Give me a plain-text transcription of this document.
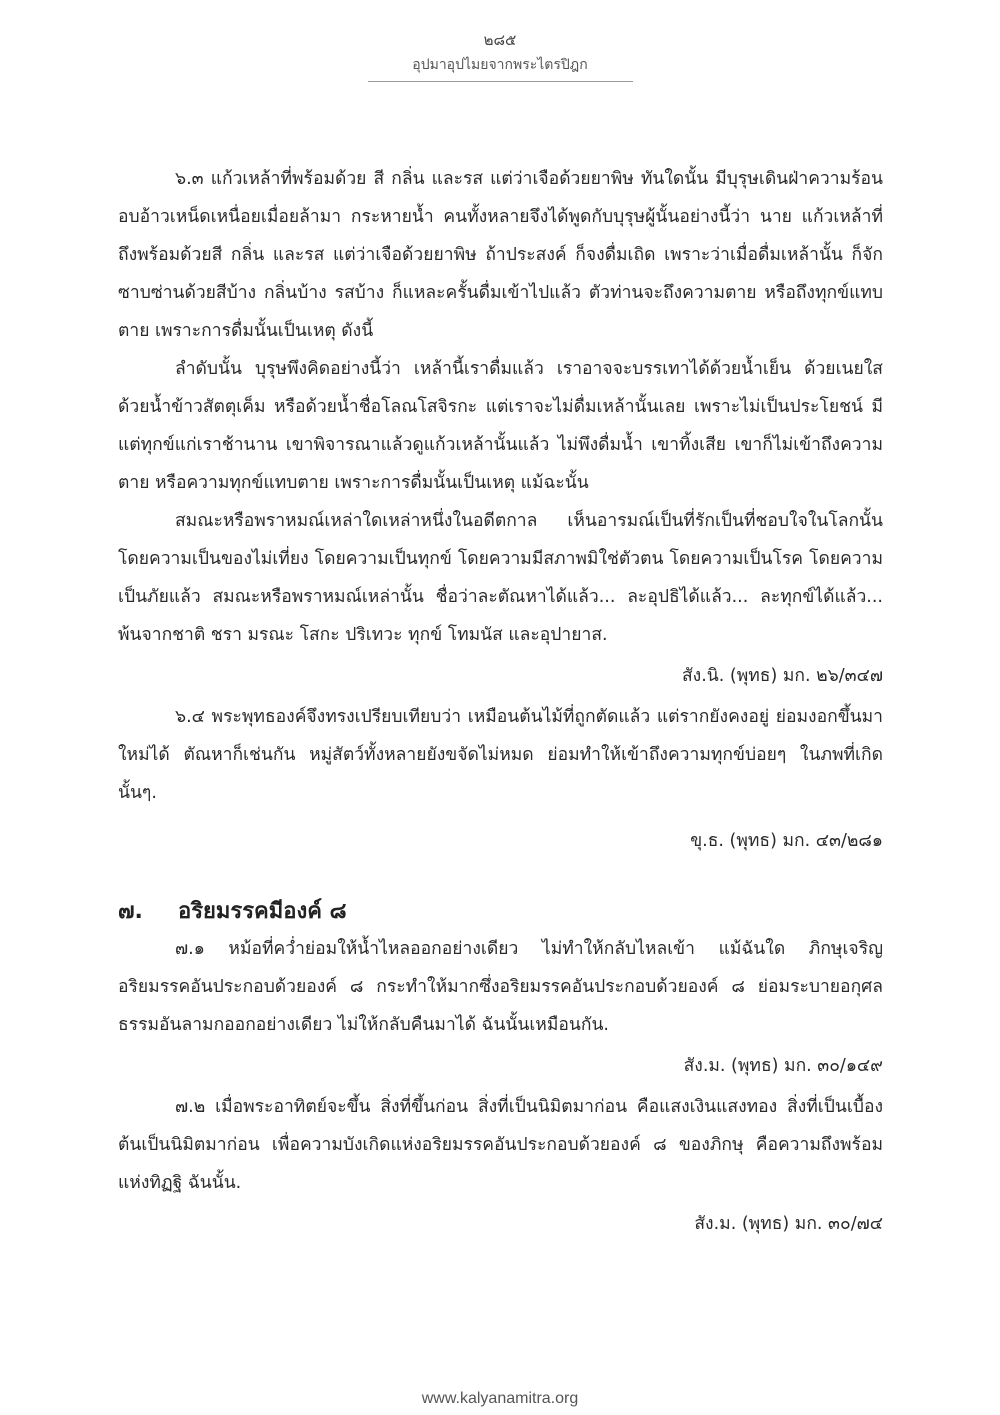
๒๘๕
อุปมาอุปไมยจากพระไตรปิฎก

๖.๓ แก้วเหล้าที่พร้อมด้วย สี กลิ่น และรส แต่ว่าเจือด้วยยาพิษ ทันใดนั้น มีบุรุษเดินฝ่าความร้อนอบอ้าวเหน็ดเหนื่อยเมื่อยล้ามา กระหายน้ำ คนทั้งหลายจึงได้พูดกับบุรุษผู้นั้นอย่างนี้ว่า นาย แก้วเหล้าที่ถึงพร้อมด้วยสี กลิ่น และรส แต่ว่าเจือด้วยยาพิษ ถ้าประสงค์ ก็จงดื่มเถิด เพราะว่าเมื่อดื่มเหล้านั้น ก็จักซาบซ่านด้วยสีบ้าง กลิ่นบ้าง รสบ้าง ก็แหละครั้นดื่มเข้าไปแล้ว ตัวท่านจะถึงความตาย หรือถึงทุกข์แทบตาย เพราะการดื่มนั้นเป็นเหตุ ดังนี้

ลำดับนั้น บุรุษพึงคิดอย่างนี้ว่า เหล้านี้เราดื่มแล้ว เราอาจจะบรรเทาได้ด้วยน้ำเย็น ด้วยเนยใส ด้วยน้ำข้าวสัตตุเค็ม หรือด้วยน้ำชื่อโลณโสจิรกะ แต่เราจะไม่ดื่มเหล้านั้นเลย เพราะไม่เป็นประโยชน์ มีแต่ทุกข์แก่เราช้านาน เขาพิจารณาแล้วดูแก้วเหล้านั้นแล้ว ไม่พึงดื่มน้ำ เขาทิ้งเสีย เขาก็ไม่เข้าถึงความตาย หรือความทุกข์แทบตาย เพราะการดื่มนั้นเป็นเหตุ แม้ฉะนั้น

สมณะหรือพราหมณ์เหล่าใดเหล่าหนึ่งในอดีตกาล เห็นอารมณ์เป็นที่รักเป็นที่ชอบใจในโลกนั้น โดยความเป็นของไม่เที่ยง โดยความเป็นทุกข์ โดยความมีสภาพมิใช่ตัวตน โดยความเป็นโรค โดยความเป็นภัยแล้ว สมณะหรือพราหมณ์เหล่านั้น ชื่อว่าละตัณหาได้แล้ว... ละอุปธิได้แล้ว... ละทุกข์ได้แล้ว... พ้นจากชาติ ชรา มรณะ โสกะ ปริเทวะ ทุกข์ โทมนัส และอุปายาส.

สัง.นิ. (พุทธ) มก. ๒๖/๓๔๗

๖.๔ พระพุทธองค์จึงทรงเปรียบเทียบว่า เหมือนต้นไม้ที่ถูกตัดแล้ว แต่รากยังคงอยู่ ย่อมงอกขึ้นมาใหม่ได้ ตัณหาก็เช่นกัน หมู่สัตว์ทั้งหลายยังขจัดไม่หมด ย่อมทำให้เข้าถึงความทุกข์บ่อยๆ ในภพที่เกิดนั้นๆ.

ขุ.ธ. (พุทธ) มก. ๔๓/๒๘๑

๗.	อริยมรรคมีองค์ ๘

๗.๑ หม้อที่คว่ำย่อมให้น้ำไหลออกอย่างเดียว ไม่ทำให้กลับไหลเข้า แม้ฉันใด ภิกษุเจริญอริยมรรคอันประกอบด้วยองค์ ๘ กระทำให้มากซึ่งอริยมรรคอันประกอบด้วยองค์ ๘ ย่อมระบายอกุศลธรรมอันลามกออกอย่างเดียว ไม่ให้กลับคืนมาได้ ฉันนั้นเหมือนกัน.

สัง.ม. (พุทธ) มก. ๓๐/๑๔๙

๗.๒ เมื่อพระอาทิตย์จะขึ้น สิ่งที่ขึ้นก่อน สิ่งที่เป็นนิมิตมาก่อน คือแสงเงินแสงทอง สิ่งที่เป็นเบื้องต้นเป็นนิมิตมาก่อน เพื่อความบังเกิดแห่งอริยมรรคอันประกอบด้วยองค์ ๘ ของภิกษุ คือความถึงพร้อมแห่งทิฏฐิ ฉันนั้น.

สัง.ม. (พุทธ) มก. ๓๐/๗๔

www.kalyanamitra.org
